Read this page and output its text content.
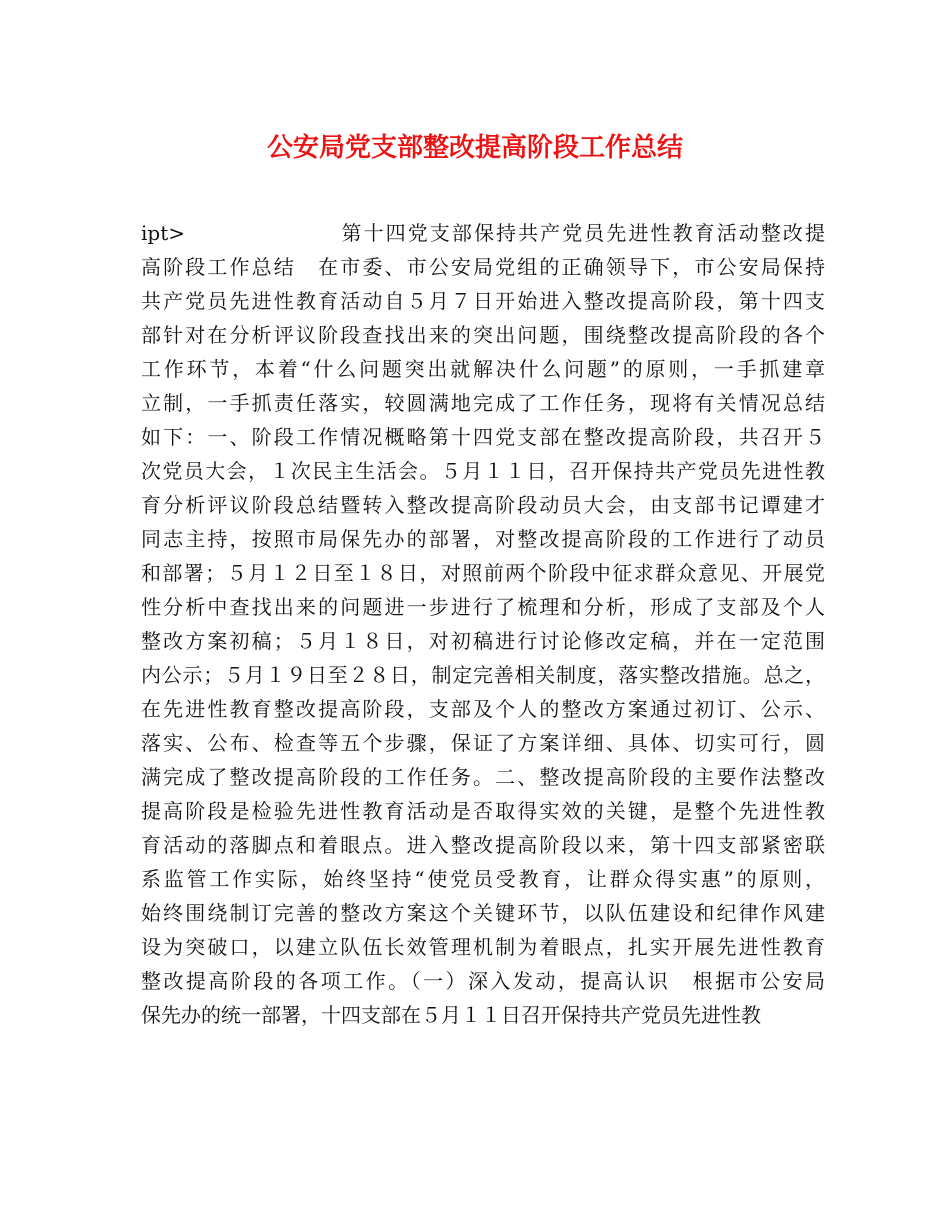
公安局党支部整改提高阶段工作总结
ipt>　　　　　　　第十四党支部保持共产党员先进性教育活动整改提
高阶段工作总结　在市委、市公安局党组的正确领导下，市公安局保持
共产党员先进性教育活动自５月７日开始进入整改提高阶段，第十四支
部针对在分析评议阶段查找出来的突出问题，围绕整改提高阶段的各个
工作环节，本着“什么问题突出就解决什么问题”的原则，一手抓建章
立制，一手抓责任落实，较圆满地完成了工作任务，现将有关情况总结
如下：一、阶段工作情况概略第十四党支部在整改提高阶段，共召开５
次党员大会，１次民主生活会。５月１１日，召开保持共产党员先进性教
育分析评议阶段总结暨转入整改提高阶段动员大会，由支部书记谭建才
同志主持，按照市局保先办的部署，对整改提高阶段的工作进行了动员
和部署；５月１２日至１８日，对照前两个阶段中征求群众意见、开展党
性分析中查找出来的问题进一步进行了梳理和分析，形成了支部及个人
整改方案初稿；５月１８日，对初稿进行讨论修改定稿，并在一定范围
内公示；５月１９日至２８日，制定完善相关制度，落实整改措施。总之，
在先进性教育整改提高阶段，支部及个人的整改方案通过初订、公示、
落实、公布、检查等五个步骤，保证了方案详细、具体、切实可行，圆
满完成了整改提高阶段的工作任务。二、整改提高阶段的主要作法整改
提高阶段是检验先进性教育活动是否取得实效的关键，是整个先进性教
育活动的落脚点和着眼点。进入整改提高阶段以来，第十四支部紧密联
系监管工作实际，始终坚持“使党员受教育，让群众得实惠”的原则，
始终围绕制订完善的整改方案这个关键环节，以队伍建设和纪律作风建
设为突破口，以建立队伍长效管理机制为着眼点，扎实开展先进性教育
整改提高阶段的各项工作。（一）深入发动，提高认识　根据市公安局
保先办的统一部署，十四支部在５月１１日召开保持共产党员先进性教
